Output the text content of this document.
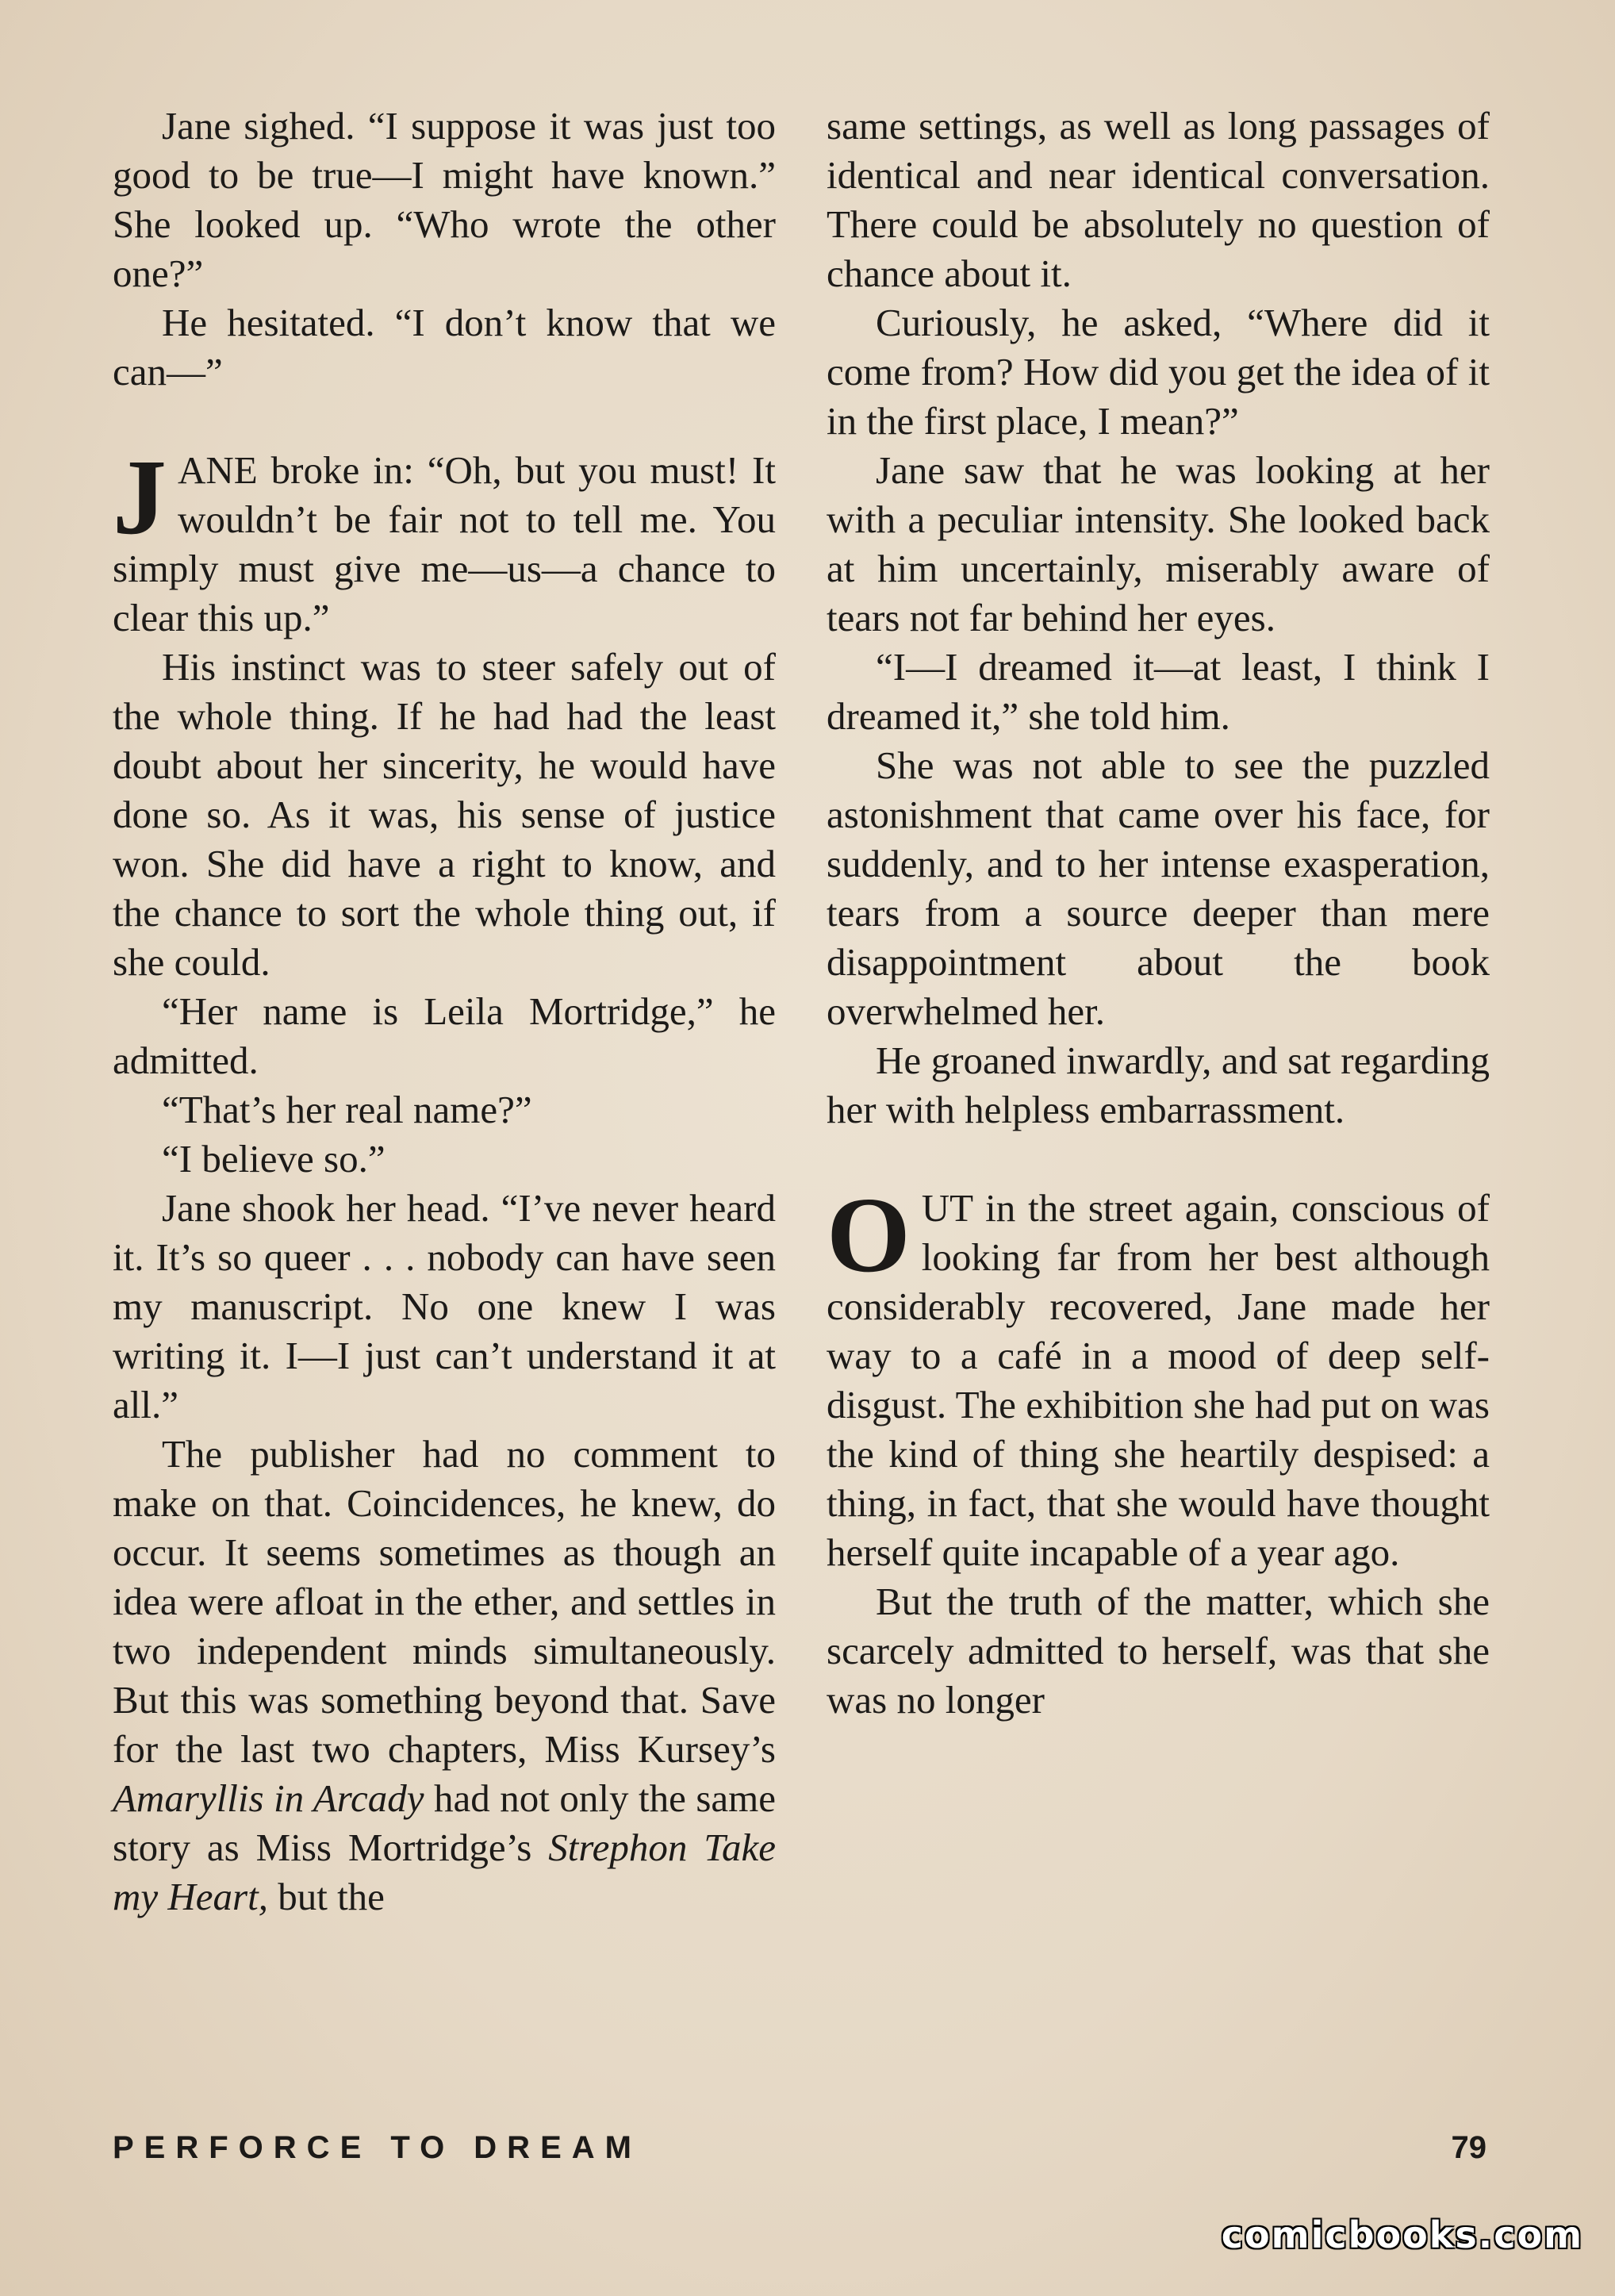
Jane sighed. “I suppose it was just too good to be true—I might have known.” She looked up. “Who wrote the other one?”

He hesitated. “I don’t know that we can—”

JANE broke in: “Oh, but you must! It wouldn’t be fair not to tell me. You simply must give me—us—a chance to clear this up.”

His instinct was to steer safely out of the whole thing. If he had had the least doubt about her sincerity, he would have done so. As it was, his sense of justice won. She did have a right to know, and the chance to sort the whole thing out, if she could.

“Her name is Leila Mortridge,” he admitted.

“That’s her real name?”

“I believe so.”

Jane shook her head. “I’ve never heard it. It’s so queer . . . nobody can have seen my manuscript. No one knew I was writing it. I—I just can’t understand it at all.”

The publisher had no comment to make on that. Coincidences, he knew, do occur. It seems sometimes as though an idea were afloat in the ether, and settles in two independent minds simultaneously. But this was something beyond that. Save for the last two chapters, Miss Kursey’s Amaryllis in Arcady had not only the same story as Miss Mortridge’s Strephon Take my Heart, but the

same settings, as well as long passages of identical and near identical conversation. There could be absolutely no question of chance about it.

Curiously, he asked, “Where did it come from? How did you get the idea of it in the first place, I mean?”

Jane saw that he was looking at her with a peculiar intensity. She looked back at him uncertainly, miserably aware of tears not far behind her eyes.

“I—I dreamed it—at least, I think I dreamed it,” she told him.

She was not able to see the puzzled astonishment that came over his face, for suddenly, and to her intense exasperation, tears from a source deeper than mere disappointment about the book overwhelmed her.

He groaned inwardly, and sat regarding her with helpless embarrassment.

OUT in the street again, conscious of looking far from her best although considerably recovered, Jane made her way to a café in a mood of deep self-disgust. The exhibition she had put on was the kind of thing she heartily despised: a thing, in fact, that she would have thought herself quite incapable of a year ago.

But the truth of the matter, which she scarcely admitted to herself, was that she was no longer

PERFORCE TO DREAM	79
comicbooks.com
